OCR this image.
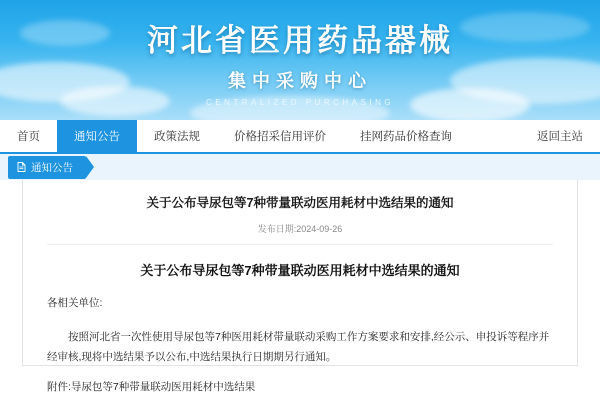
河北省医用药品器械
集中采购中心
CENTRALIZED PURCHASING
首页	通知公告	政策法规	价格招采信用评价	挂网药品价格查询	返回主站
通知公告
关于公布导尿包等7种带量联动医用耗材中选结果的通知
发布日期:2024-09-26
关于公布导尿包等7种带量联动医用耗材中选结果的通知
各相关单位:
按照河北省一次性使用导尿包等7种医用耗材带量联动采购工作方案要求和安排,经公示、申投诉等程序并经审核,现将中选结果予以公布,中选结果执行日期期另行通知。
附件:导尿包等7种带量联动医用耗材中选结果
